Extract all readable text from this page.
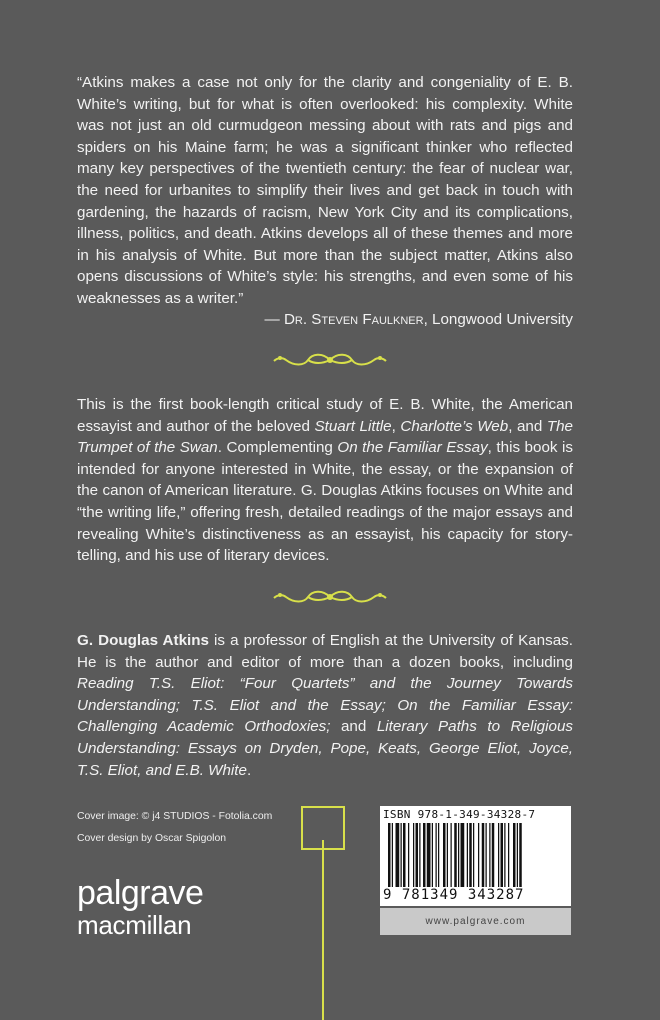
“Atkins makes a case not only for the clarity and congeniality of E. B. White’s writing, but for what is often overlooked: his complexity. White was not just an old curmudgeon messing about with rats and pigs and spiders on his Maine farm; he was a significant thinker who reflected many key perspectives of the twentieth century: the fear of nuclear war, the need for urbanites to simplify their lives and get back in touch with gardening, the hazards of racism, New York City and its complications, illness, politics, and death. Atkins develops all of these themes and more in his analysis of White. But more than the subject matter, Atkins also opens discussions of White’s style: his strengths, and even some of his weaknesses as a writer.”
— Dr. Steven Faulkner, Longwood University
This is the first book-length critical study of E. B. White, the American essayist and author of the beloved Stuart Little, Charlotte’s Web, and The Trumpet of the Swan. Complementing On the Familiar Essay, this book is intended for anyone interested in White, the essay, or the expansion of the canon of American literature. G. Douglas Atkins focuses on White and “the writing life,” offering fresh, detailed readings of the major essays and revealing White’s distinctiveness as an essayist, his capacity for story-telling, and his use of literary devices.
G. Douglas Atkins is a professor of English at the University of Kansas. He is the author and editor of more than a dozen books, including Reading T.S. Eliot: “Four Quartets” and the Journey Towards Understanding; T.S. Eliot and the Essay; On the Familiar Essay: Challenging Academic Orthodoxies; and Literary Paths to Religious Understanding: Essays on Dryden, Pope, Keats, George Eliot, Joyce, T.S. Eliot, and E.B. White.
Cover image: © j4 STUDIOS - Fotolia.com
Cover design by Oscar Spigolon
palgrave
macmillan
ISBN 978-1-349-34328-7
9 781349 343287
www.palgrave.com
